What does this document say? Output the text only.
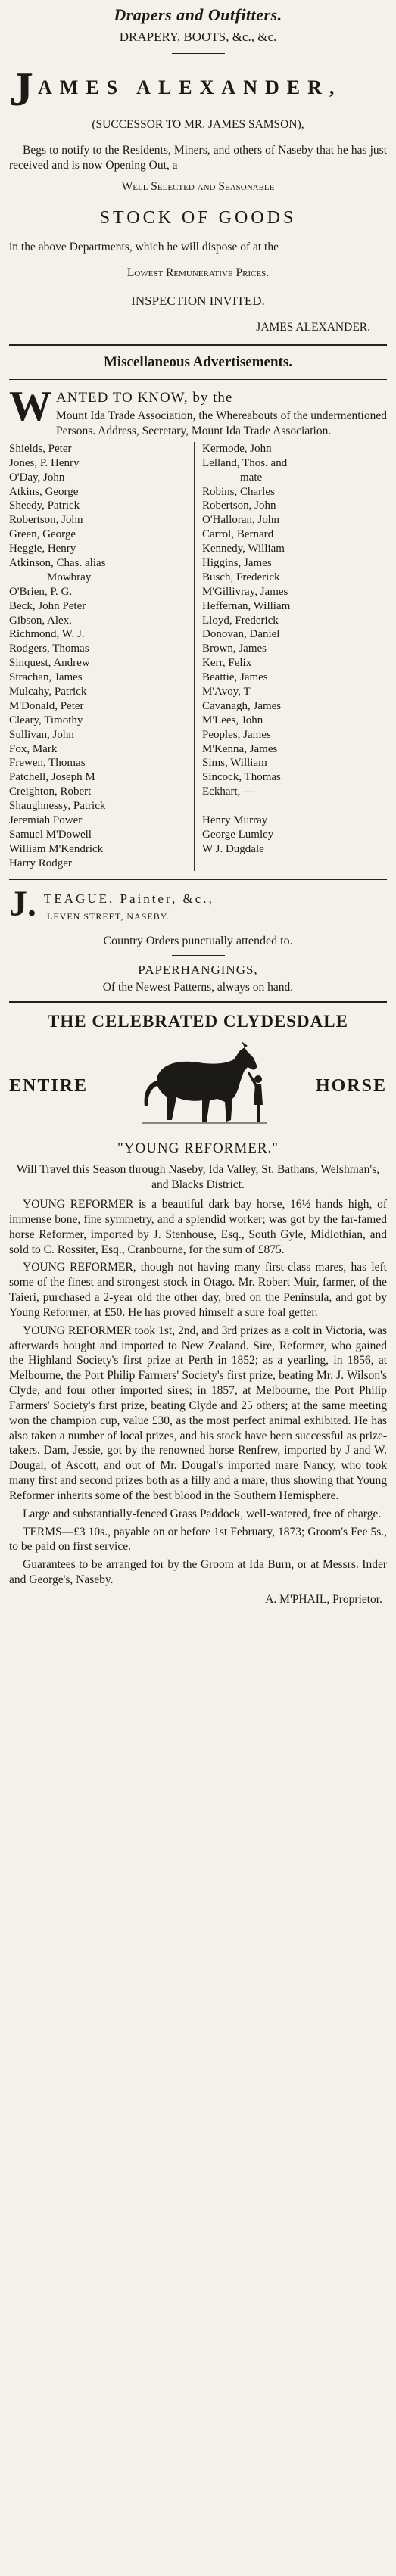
Drapers and Outfitters.
DRAPERY, BOOTS, &c., &c.
J AMES ALEXANDER,
(SUCCESSOR TO MR. JAMES SAMSON),

Begs to notify to the Residents, Miners, and others of Naseby that he has just received and is now Opening Out, a

Well Selected and Seasonable
STOCK OF GOODS

in the above Departments, which he will dispose of at the

Lowest Remunerative Prices.
INSPECTION INVITED.
JAMES ALEXANDER.
Miscellaneous Advertisements.
W ANTED TO KNOW, by the
Mount Ida Trade Association, the Whereabouts of the undermentioned Persons. Address, Secretary, Mount Ida Trade Association.
Shields, Peter
Jones, P. Henry
O'Day, John
Atkins, George
Sheedy, Patrick
Robertson, John
Green, George
Heggie, Henry
Atkinson, Chas. alias
Mowbray
O'Brien, P. G.
Beck, John Peter
Gibson, Alex.
Richmond, W. J.
Rodgers, Thomas
Sinquest, Andrew
Strachan, James
Mulcahy, Patrick
M'Donald, Peter
Cleary, Timothy
Sullivan, John
Fox, Mark
Frewen, Thomas
Patchell, Joseph M
Creighton, Robert
Shaughnessy, Patrick
Jeremiah Power
Samuel M'Dowell
William M'Kendrick
Harry Rodger
Kermode, John
Lelland, Thos. and
mate
Robins, Charles
Robertson, John
O'Halloran, John
Carrol, Bernard
Kennedy, William
Higgins, James
Busch, Frederick
M'Gillivray, James
Heffernan, William
Lloyd, Frederick
Donovan, Daniel
Brown, James
Kerr, Felix
Beattie, James
M'Avoy, T
Cavanagh, James
M'Lees, John
Peoples, James
M'Kenna, James
Sims, William
Sincock, Thomas
Eckhart, —

Henry Murray
George Lumley
W J. Dugdale

J. TEAGUE, Painter, &c.,
LEVEN STREET, NASEBY.
Country Orders punctually attended to.
PAPERHANGINGS,
Of the Newest Patterns, always on hand.
THE CELEBRATED CLYDESDALE
ENTIRE	HORSE
"YOUNG REFORMER."

Will Travel this Season through Naseby, Ida Valley, St. Bathans, Welshman's, and Blacks District.

YOUNG REFORMER is a beautiful dark bay horse, 16½ hands high, of immense bone, fine symmetry, and a splendid worker; was got by the far-famed horse Reformer, imported by J. Stenhouse, Esq., South Gyle, Midlothian, and sold to C. Rossiter, Esq., Cranbourne, for the sum of £875.

YOUNG REFORMER, though not having many first-class mares, has left some of the finest and strongest stock in Otago. Mr. Robert Muir, farmer, of the Taieri, purchased a 2-year old the other day, bred on the Peninsula, and got by Young Reformer, at £50. He has proved himself a sure foal getter.

YOUNG REFORMER took 1st, 2nd, and 3rd prizes as a colt in Victoria, was afterwards bought and imported to New Zealand. Sire, Reformer, who gained the Highland Society's first prize at Perth in 1852; as a yearling, in 1856, at Melbourne, the Port Philip Farmers' Society's first prize, beating Mr. J. Wilson's Clyde, and four other imported sires; in 1857, at Melbourne, the Port Philip Farmers' Society's first prize, beating Clyde and 25 others; at the same meeting won the champion cup, value £30, as the most perfect animal exhibited. He has also taken a number of local prizes, and his stock have been successful as prize-takers. Dam, Jessie, got by the renowned horse Renfrew, imported by J and W. Dougal, of Ascott, and out of Mr. Dougal's imported mare Nancy, who took many first and second prizes both as a filly and a mare, thus showing that Young Reformer inherits some of the best blood in the Southern Hemisphere.

Large and substantially-fenced Grass Paddock, well-watered, free of charge.

TERMS—£3 10s., payable on or before 1st February, 1873; Groom's Fee 5s., to be paid on first service.

Guarantees to be arranged for by the Groom at Ida Burn, or at Messrs. Inder and George's, Naseby.

A. M'PHAIL, Proprietor.
